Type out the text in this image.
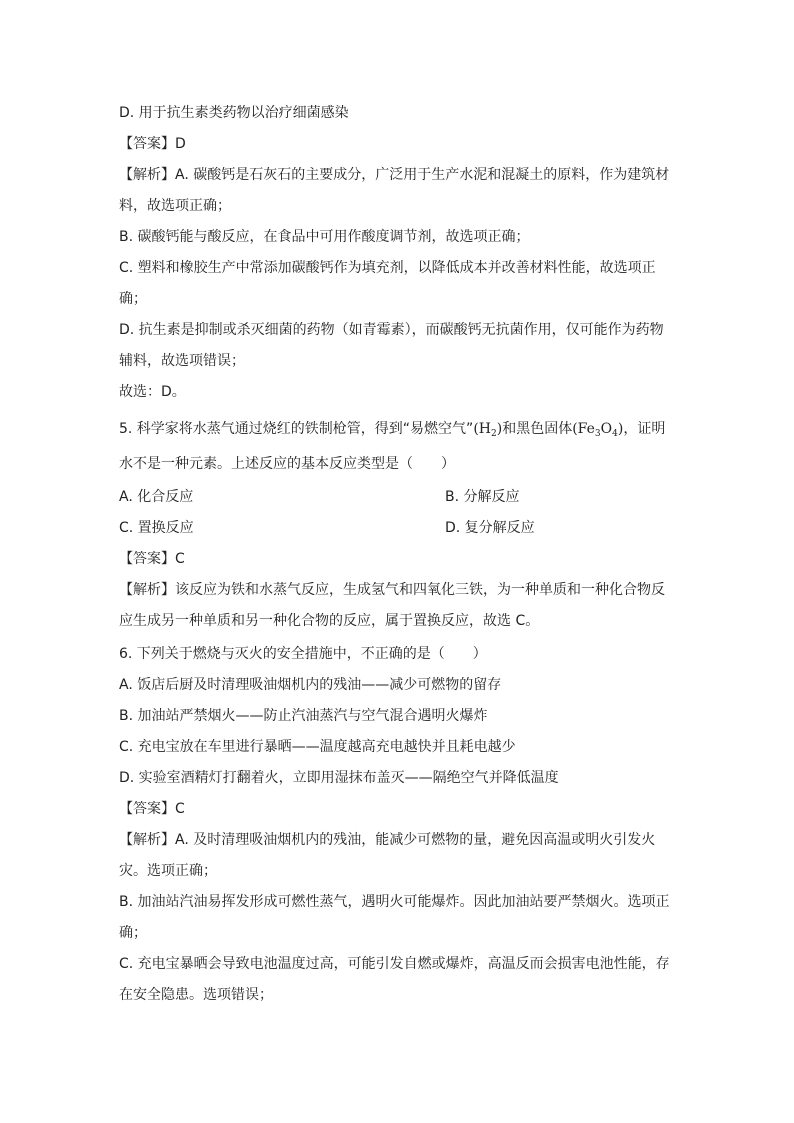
D. 用于抗生素类药物以治疗细菌感染
【答案】D
【解析】A. 碳酸钙是石灰石的主要成分，广泛用于生产水泥和混凝土的原料，作为建筑材
料，故选项正确；
B. 碳酸钙能与酸反应，在食品中可用作酸度调节剂，故选项正确；
C. 塑料和橡胶生产中常添加碳酸钙作为填充剂，以降低成本并改善材料性能，故选项正
确；
D. 抗生素是抑制或杀灭细菌的药物（如青霉素），而碳酸钙无抗菌作用，仅可能作为药物
辅料，故选项错误；
故选：D。
5. 科学家将水蒸气通过烧红的铁制枪管，得到“易燃空气$”(H_2)$和黑色固体$(Fe_3O_4)$，证明
水不是一种元素。上述反应的基本反应类型是（　　）
A. 化合反应	B. 分解反应
C. 置换反应	D. 复分解反应
【答案】C
【解析】该反应为铁和水蒸气反应，生成氢气和四氧化三铁，为一种单质和一种化合物反
应生成另一种单质和另一种化合物的反应，属于置换反应，故选 C。
6. 下列关于燃烧与灭火的安全措施中，不正确的是（　　）
A. 饭店后厨及时清理吸油烟机内的残油——减少可燃物的留存
B. 加油站严禁烟火——防止汽油蒸汽与空气混合遇明火爆炸
C. 充电宝放在车里进行暴晒——温度越高充电越快并且耗电越少
D. 实验室酒精灯打翻着火，立即用湿抹布盖灭——隔绝空气并降低温度
【答案】C
【解析】A. 及时清理吸油烟机内的残油，能减少可燃物的量，避免因高温或明火引发火
灾。选项正确；
B. 加油站汽油易挥发形成可燃性蒸气，遇明火可能爆炸。因此加油站要严禁烟火。选项正
确；
C. 充电宝暴晒会导致电池温度过高，可能引发自燃或爆炸，高温反而会损害电池性能，存
在安全隐患。选项错误；
